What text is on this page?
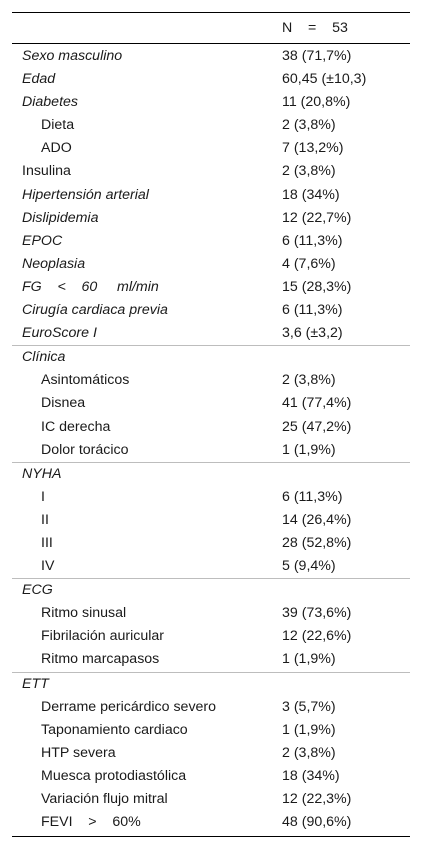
N    =    53
Sexo masculino	38 (71,7%)
Edad	60,45 (±10,3)
Diabetes	11 (20,8%)
Dieta	2 (3,8%)
ADO	7 (13,2%)
Insulina	2 (3,8%)
Hipertensión arterial	18 (34%)
Dislipidemia	12 (22,7%)
EPOC	6 (11,3%)
Neoplasia	4 (7,6%)
FG    <    60     ml/min	15 (28,3%)
Cirugía cardiaca previa	6 (11,3%)
EuroScore I	3,6 (±3,2)
Clínica
Asintomáticos	2 (3,8%)
Disnea	41 (77,4%)
IC derecha	25 (47,2%)
Dolor torácico	1 (1,9%)
NYHA
I	6 (11,3%)
II	14 (26,4%)
III	28 (52,8%)
IV	5 (9,4%)
ECG
Ritmo sinusal	39 (73,6%)
Fibrilación auricular	12 (22,6%)
Ritmo marcapasos	1 (1,9%)
ETT
Derrame pericárdico severo	3 (5,7%)
Taponamiento cardiaco	1 (1,9%)
HTP severa	2 (3,8%)
Muesca protodiastólica	18 (34%)
Variación flujo mitral	12 (22,3%)
FEVI    >    60%	48 (90,6%)
